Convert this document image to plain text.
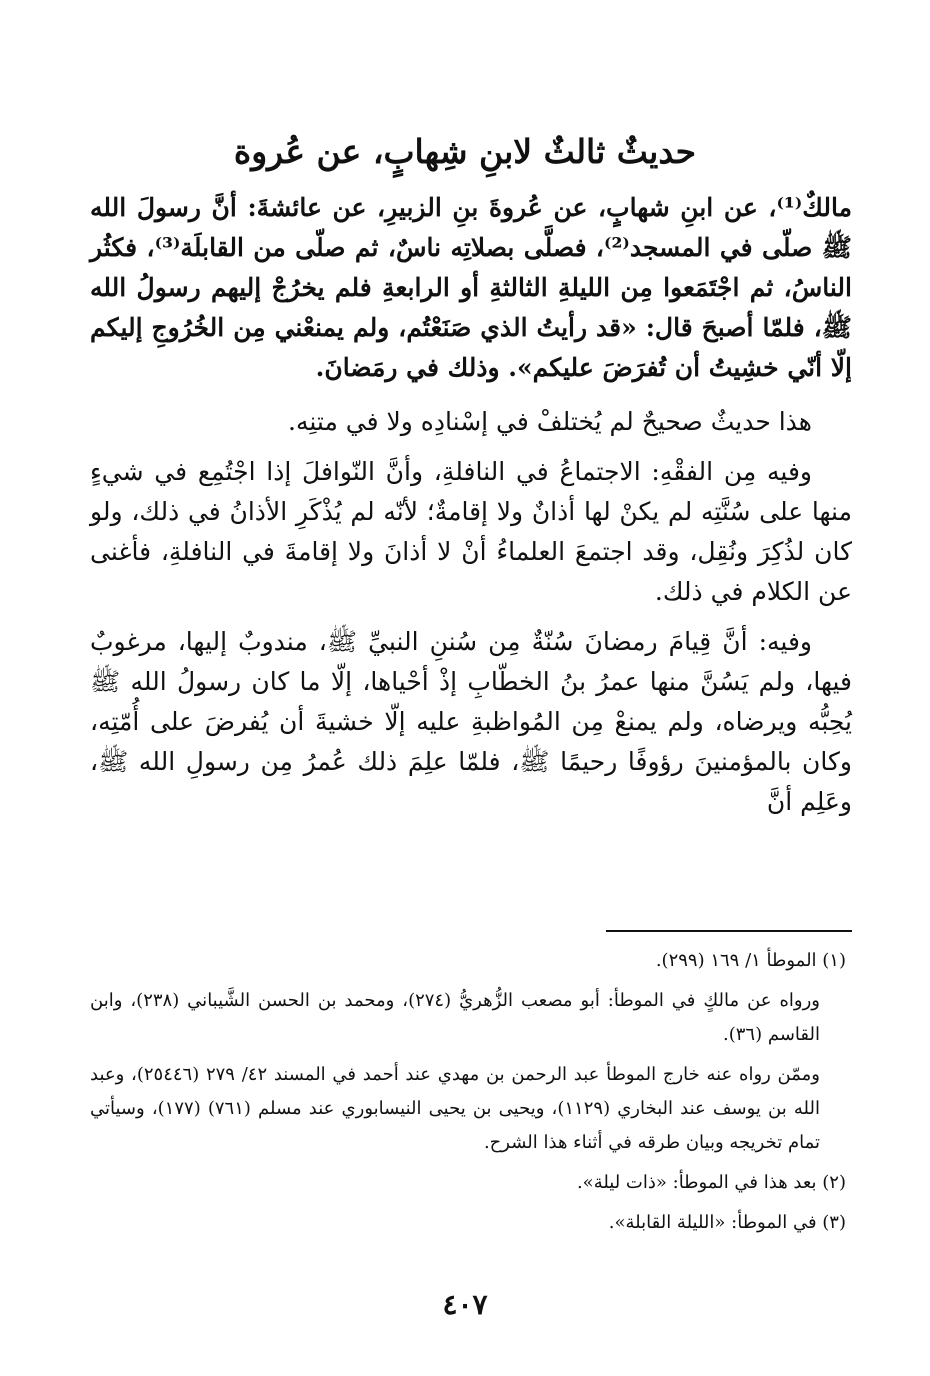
حديثٌ ثالثٌ لابنِ شِهابٍ، عن عُروة

مالكٌ⁽¹⁾، عن ابنِ شهابٍ، عن عُروةَ بنِ الزبيرِ، عن عائشةَ: أنَّ رسولَ الله ﷺ صلّى في المسجد⁽²⁾، فصلَّى بصلاتِه ناسٌ، ثم صلّى من القابلَة⁽³⁾، فكثُر الناسُ، ثم اجْتَمَعوا مِن الليلةِ الثالثةِ أو الرابعةِ فلم يخرُجْ إليهم رسولُ الله ﷺ، فلمّا أصبحَ قال: «قد رأيتُ الذي صَنَعْتُم، ولم يمنعْني مِن الخُرُوجِ إليكم إلّا أنّي خشِيتُ أن تُفرَضَ عليكم». وذلك في رمَضانَ.

هذا حديثٌ صحيحٌ لم يُختلفْ في إسْنادِه ولا في متنِه.

وفيه مِن الفقْهِ: الاجتماعُ في النافلةِ، وأنَّ النّوافلَ إذا اجْتُمِع في شيءٍ منها على سُنَّتِه لم يكنْ لها أذانٌ ولا إقامةٌ؛ لأنّه لم يُذْكَرِ الأذانُ في ذلك، ولو كان لذُكِرَ ونُقِل، وقد اجتمعَ العلماءُ أنْ لا أذانَ ولا إقامةَ في النافلةِ، فأغنى عن الكلام في ذلك.

وفيه: أنَّ قِيامَ رمضانَ سُنّةٌ مِن سُننِ النبيِّ ﷺ، مندوبٌ إليها، مرغوبٌ فيها، ولم يَسُنَّ منها عمرُ بنُ الخطّابِ إذْ أحْياها، إلّا ما كان رسولُ الله ﷺ يُحِبُّه ويرضاه، ولم يمنعْ مِن المُواظبةِ عليه إلّا خشيةَ أن يُفرضَ على أُمّتِه، وكان بالمؤمنينَ رؤوفًا رحيمًا ﷺ، فلمّا علِمَ ذلك عُمرُ مِن رسولِ الله ﷺ، وعَلِم أنَّ

(١) الموطأ ١/ ١٦٩ (٢٩٩).

ورواه عن مالكٍ في الموطأ: أبو مصعب الزُّهريُّ (٢٧٤)، ومحمد بن الحسن الشَّيباني (٢٣٨)، وابن القاسم (٣٦).

وممّن رواه عنه خارج الموطأ عبد الرحمن بن مهدي عند أحمد في المسند ٤٢/ ٢٧٩ (٢٥٤٤٦)، وعبد الله بن يوسف عند البخاري (١١٢٩)، ويحيى بن يحيى النيسابوري عند مسلم (٧٦١) (١٧٧)، وسيأتي تمام تخريجه وبيان طرقه في أثناء هذا الشرح.

(٢) بعد هذا في الموطأ: «ذات ليلة».

(٣) في الموطأ: «الليلة القابلة».

٤٠٧
